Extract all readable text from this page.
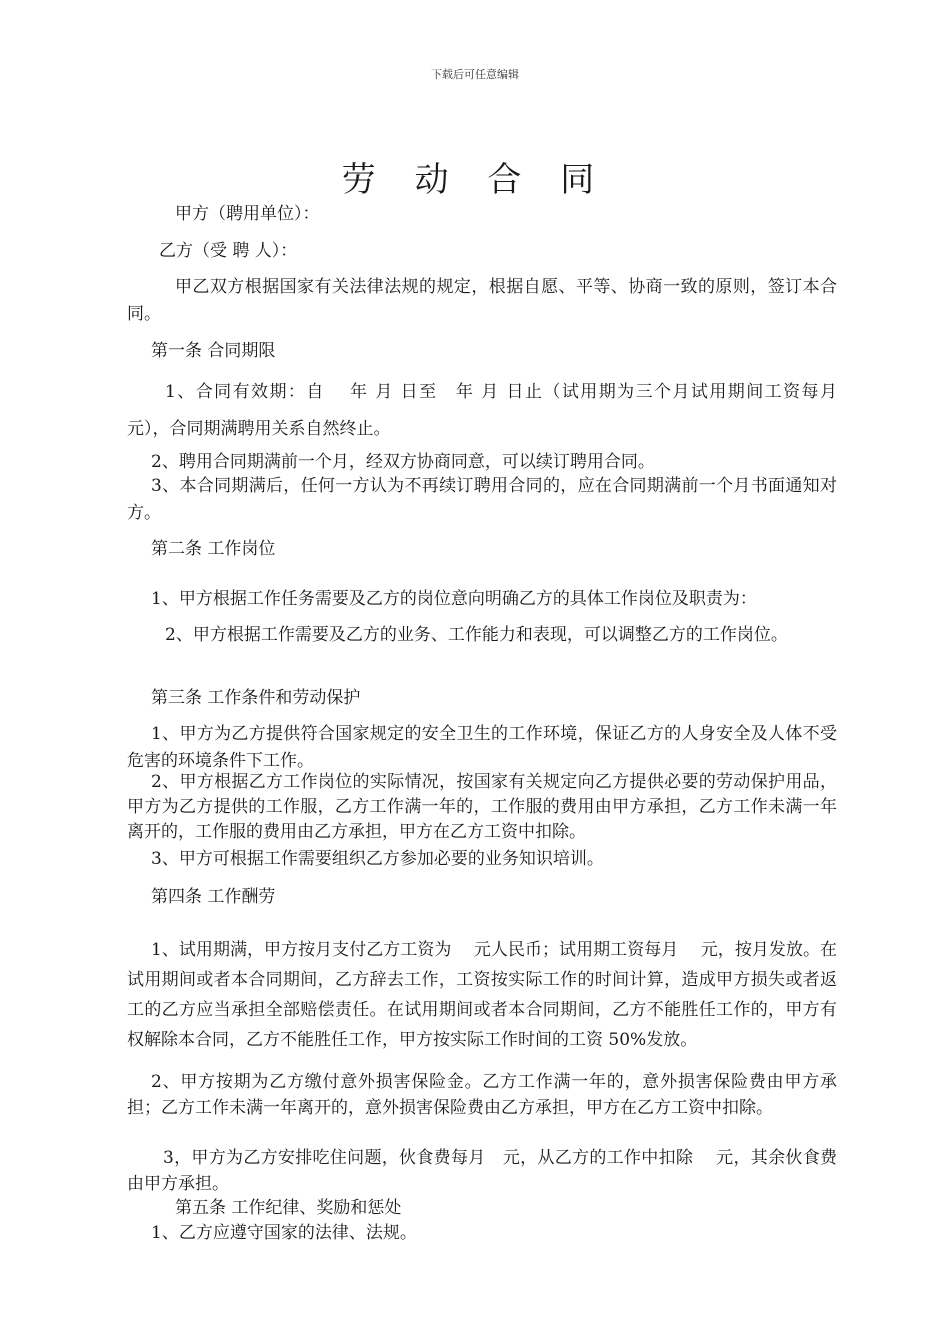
下载后可任意编辑
劳 动 合 同

甲方（聘用单位）：

乙方（受 聘 人）：

甲乙双方根据国家有关法律法规的规定，根据自愿、平等、协商一致的原则，签订本合同。

第一条 合同期限

1、合同有效期：自　 年 月 日至　年 月 日止（试用期为三个月试用期间工资每月　元），合同期满聘用关系自然终止。

2、聘用合同期满前一个月，经双方协商同意，可以续订聘用合同。

3、本合同期满后，任何一方认为不再续订聘用合同的，应在合同期满前一个月书面通知对方。

第二条 工作岗位

1、甲方根据工作任务需要及乙方的岗位意向明确乙方的具体工作岗位及职责为：

2、甲方根据工作需要及乙方的业务、工作能力和表现，可以调整乙方的工作岗位。

第三条 工作条件和劳动保护

1、甲方为乙方提供符合国家规定的安全卫生的工作环境，保证乙方的人身安全及人体不受危害的环境条件下工作。

2、甲方根据乙方工作岗位的实际情况，按国家有关规定向乙方提供必要的劳动保护用品，甲方为乙方提供的工作服，乙方工作满一年的，工作服的费用由甲方承担，乙方工作未满一年离开的，工作服的费用由乙方承担，甲方在乙方工资中扣除。

3、甲方可根据工作需要组织乙方参加必要的业务知识培训。

第四条 工作酬劳

1、试用期满，甲方按月支付乙方工资为　 元人民币；试用期工资每月　 元，按月发放。在试用期间或者本合同期间，乙方辞去工作，工资按实际工作的时间计算，造成甲方损失或者返工的乙方应当承担全部赔偿责任。在试用期间或者本合同期间，乙方不能胜任工作的，甲方有权解除本合同，乙方不能胜任工作，甲方按实际工作时间的工资 50%发放。

2、甲方按期为乙方缴付意外损害保险金。乙方工作满一年的，意外损害保险费由甲方承担；乙方工作未满一年离开的，意外损害保险费由乙方承担，甲方在乙方工资中扣除。

3，甲方为乙方安排吃住问题，伙食费每月　元，从乙方的工作中扣除　 元，其余伙食费由甲方承担。

第五条 工作纪律、奖励和惩处

1、乙方应遵守国家的法律、法规。
